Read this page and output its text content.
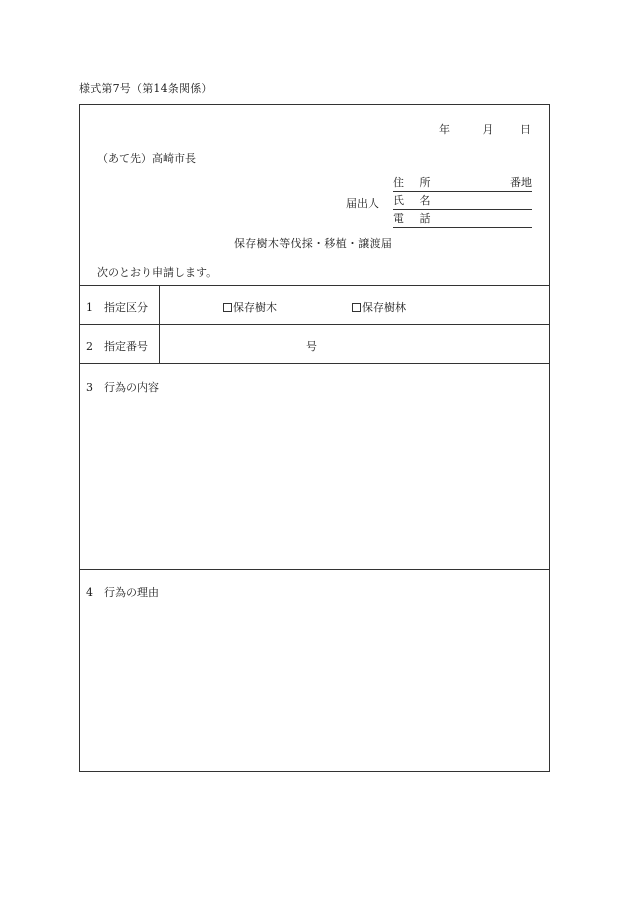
様式第7号（第14条関係）
年	月 日
（あて先）高崎市長
届出人
住 所	番地
氏 名
電 話
保存樹木等伐採・移植・譲渡届
次のとおり申請します。
1 指定区分	保存樹木	保存樹林
2 指定番号	号
3 行為の内容
4 行為の理由
